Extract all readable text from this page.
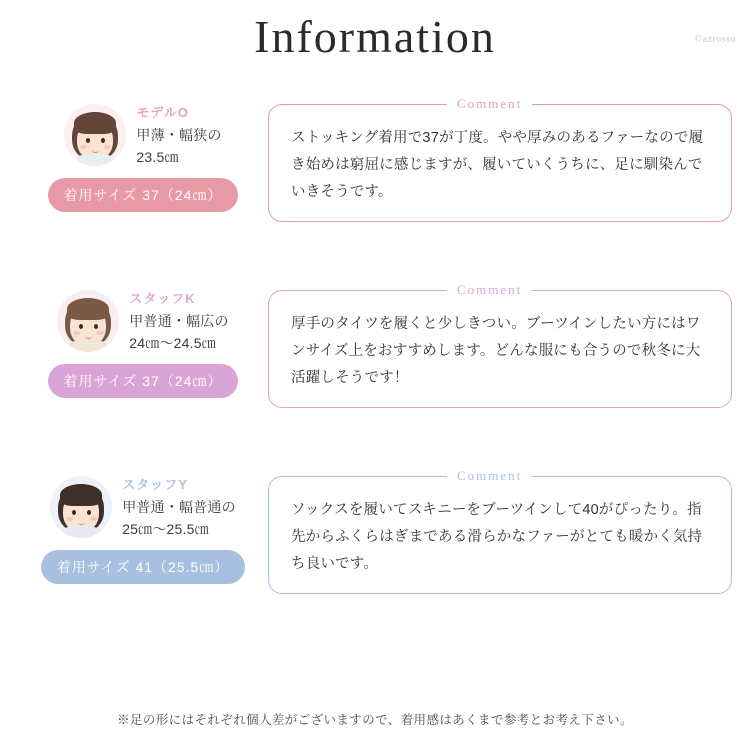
Information	©azrosso
モデルO
甲薄・幅狭の
23.5㎝
着用サイズ 37（24㎝）
Comment
ストッキング着用で37が丁度。やや厚みのあるファーなので履き始めは窮屈に感じますが、履いていくうちに、足に馴染んでいきそうです。
スタッフK
甲普通・幅広の
24㎝～24.5㎝
着用サイズ 37（24㎝）
Comment
厚手のタイツを履くと少しきつい。ブーツインしたい方にはワンサイズ上をおすすめします。どんな服にも合うので秋冬に大活躍しそうです！
スタッフY
甲普通・幅普通の
25㎝～25.5㎝
着用サイズ 41（25.5㎝）
Comment
ソックスを履いてスキニーをブーツインして40がぴったり。指先からふくらはぎまである滑らかなファーがとても暖かく気持ち良いです。
※足の形にはそれぞれ個人差がございますので、着用感はあくまで参考とお考え下さい。
